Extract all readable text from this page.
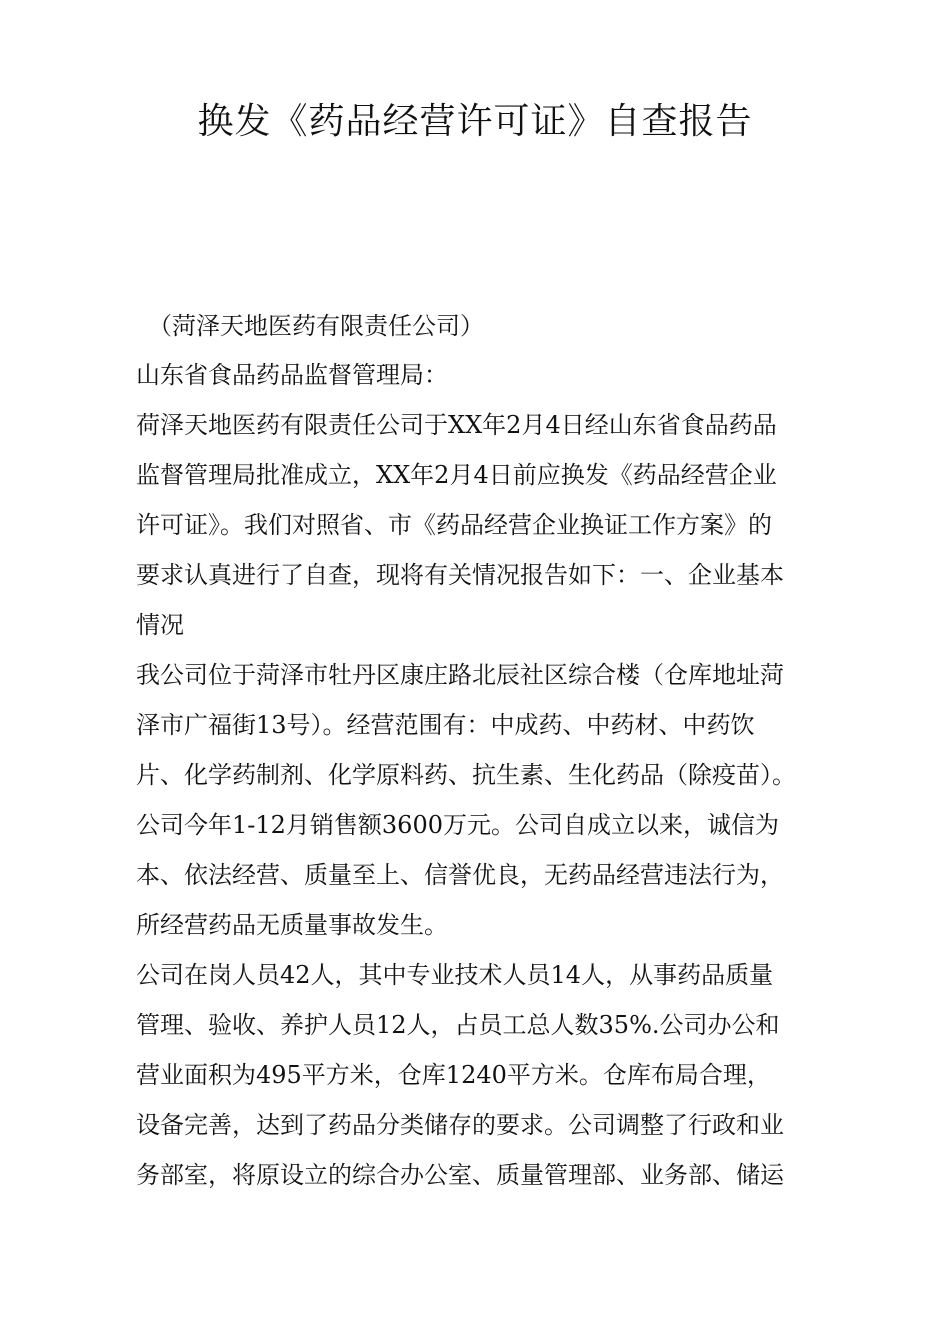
换发《药品经营许可证》自查报告

（菏泽天地医药有限责任公司）

山东省食品药品监督管理局：
荷泽天地医药有限责任公司于XX年2月4日经山东省食品药品
监督管理局批准成立，XX年2月4日前应换发《药品经营企业
许可证》。我们对照省、市《药品经营企业换证工作方案》的
要求认真进行了自查，现将有关情况报告如下：一、企业基本
情况
我公司位于菏泽市牡丹区康庄路北辰社区综合楼（仓库地址菏
泽市广福街13号）。经营范围有：中成药、中药材、中药饮
片、化学药制剂、化学原料药、抗生素、生化药品（除疫苗）。
公司今年1-12月销售额3600万元。公司自成立以来，诚信为
本、依法经营、质量至上、信誉优良，无药品经营违法行为，
所经营药品无质量事故发生。
公司在岗人员42人，其中专业技术人员14人，从事药品质量
管理、验收、养护人员12人，占员工总人数35%.公司办公和
营业面积为495平方米，仓库1240平方米。仓库布局合理，
设备完善，达到了药品分类储存的要求。公司调整了行政和业
务部室，将原设立的综合办公室、质量管理部、业务部、储运
